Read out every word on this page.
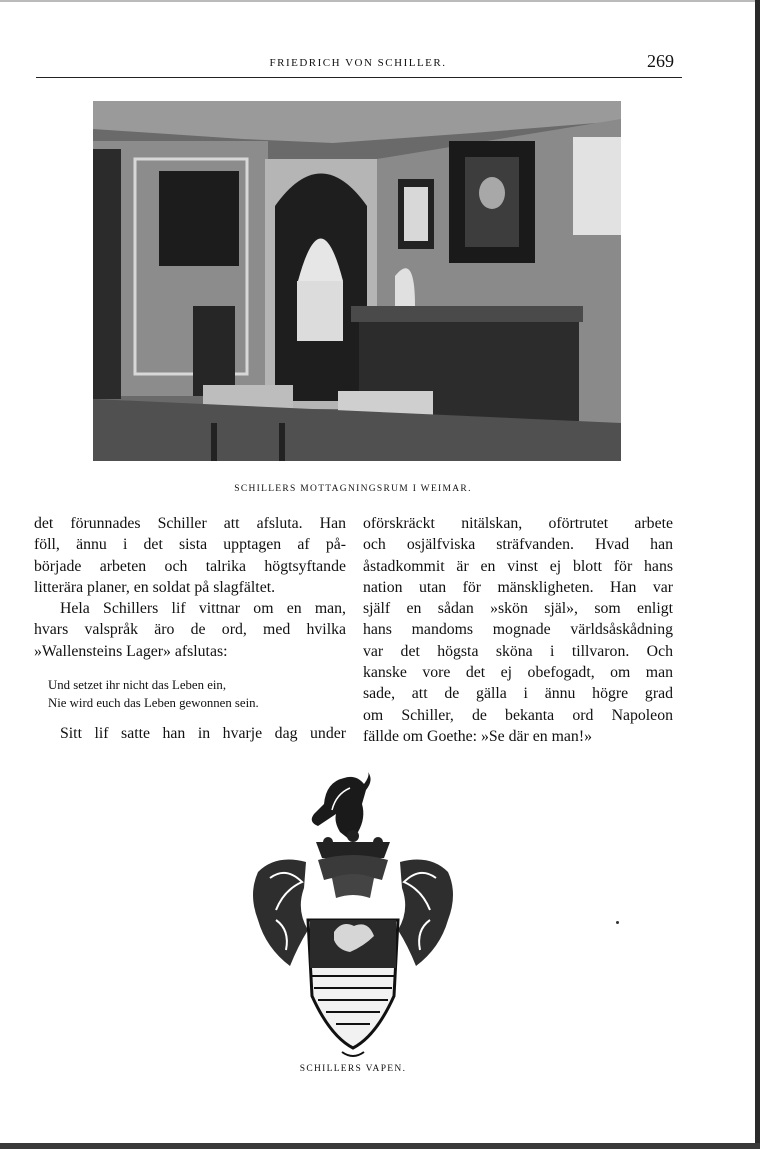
FRIEDRICH VON SCHILLER.	269
SCHILLERS MOTTAGNINGSRUM I WEIMAR.

det förunnades Schiller att afsluta. Han

föll, ännu i det sista upptagen af på-

började arbeten och talrika högtsyftande

litterära planer, en soldat på slagfältet.

Hela Schillers lif vittnar om en man,

hvars valspråk äro de ord, med hvilka

»Wallensteins Lager» afslutas:

Und setzet ihr nicht das Leben ein,
Nie wird euch das Leben gewonnen sein.

Sitt lif satte han in hvarje dag under

oförskräckt nitälskan, oförtrutet arbete

och osjälfviska sträfvanden. Hvad han

åstadkommit är en vinst ej blott för hans

nation utan för mänskligheten. Han var

själf en sådan »skön själ», som enligt

hans mandoms mognade världsåskådning

var det högsta sköna i tillvaron. Och

kanske vore det ej obefogadt, om man

sade, att de gälla i ännu högre grad

om Schiller, de bekanta ord Napoleon

fällde om Goethe: »Se där en man!»

SCHILLERS VAPEN.
